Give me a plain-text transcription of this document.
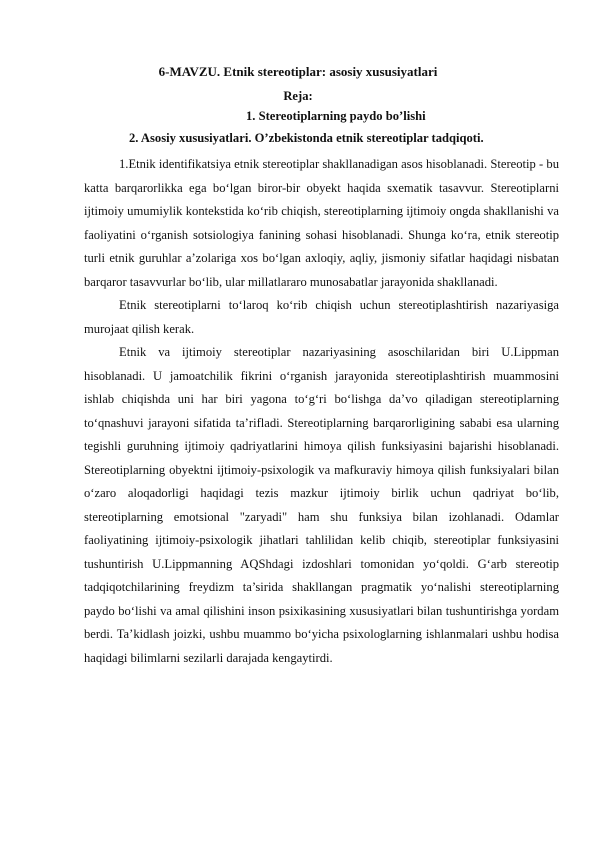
6-MAVZU. Etnik stereotiplar: asosiy xususiyatlari
Reja:
1. Stereotiplarning paydo bo’lishi
2. Asosiy xususiyatlari. O’zbekistonda etnik stereotiplar tadqiqoti.

1.Etnik identifikatsiya etnik stereotiplar shakllanadigan asos hisoblanadi. Stereotip - bu katta barqarorlikka ega bo‘lgan biror-bir obyekt haqida sxematik tasavvur. Stereotiplarni ijtimoiy umumiylik kontekstida ko‘rib chiqish, stereotiplarning ijtimoiy ongda shakllanishi va faoliyatini o‘rganish sotsiologiya fanining sohasi hisoblanadi. Shunga ko‘ra, etnik stereotip turli etnik guruhlar a’zolariga xos bo‘lgan axloqiy, aqliy, jismoniy sifatlar haqidagi nisbatan barqaror tasavvurlar bo‘lib, ular millatlararo munosabatlar jarayonida shakllanadi.

Etnik stereotiplarni to‘laroq ko‘rib chiqish uchun stereotiplashtirish nazariyasiga murojaat qilish kerak.

Etnik va ijtimoiy stereotiplar nazariyasining asoschilaridan biri U.Lippman hisoblanadi. U jamoatchilik fikrini o‘rganish jarayonida stereotiplashtirish muammosini ishlab chiqishda uni har biri yagona to‘g‘ri bo‘lishga da’vo qiladigan stereotiplarning to‘qnashuvi jarayoni sifatida ta’rifladi. Stereotiplarning barqarorligining sababi esa ularning tegishli guruhning ijtimoiy qadriyatlarini himoya qilish funksiyasini bajarishi hisoblanadi. Stereotiplarning obyektni ijtimoiy-psixologik va mafkuraviy himoya qilish funksiyalari bilan o‘zaro aloqadorligi haqidagi tezis mazkur ijtimoiy birlik uchun qadriyat bo‘lib, stereotiplarning emotsional "zaryadi" ham shu funksiya bilan izohlanadi. Odamlar faoliyatining ijtimoiy-psixologik jihatlari tahlilidan kelib chiqib, stereotiplar funksiyasini tushuntirish U.Lippmanning AQShdagi izdoshlari tomonidan yo‘qoldi. G‘arb stereotip tadqiqotchilarining freydizm ta’sirida shakllangan pragmatik yo‘nalishi stereotiplarning paydo bo‘lishi va amal qilishini inson psixikasining xususiyatlari bilan tushuntirishga yordam berdi. Ta’kidlash joizki, ushbu muammo bo‘yicha psixologlarning ishlanmalari ushbu hodisa haqidagi bilimlarni sezilarli darajada kengaytirdi.
